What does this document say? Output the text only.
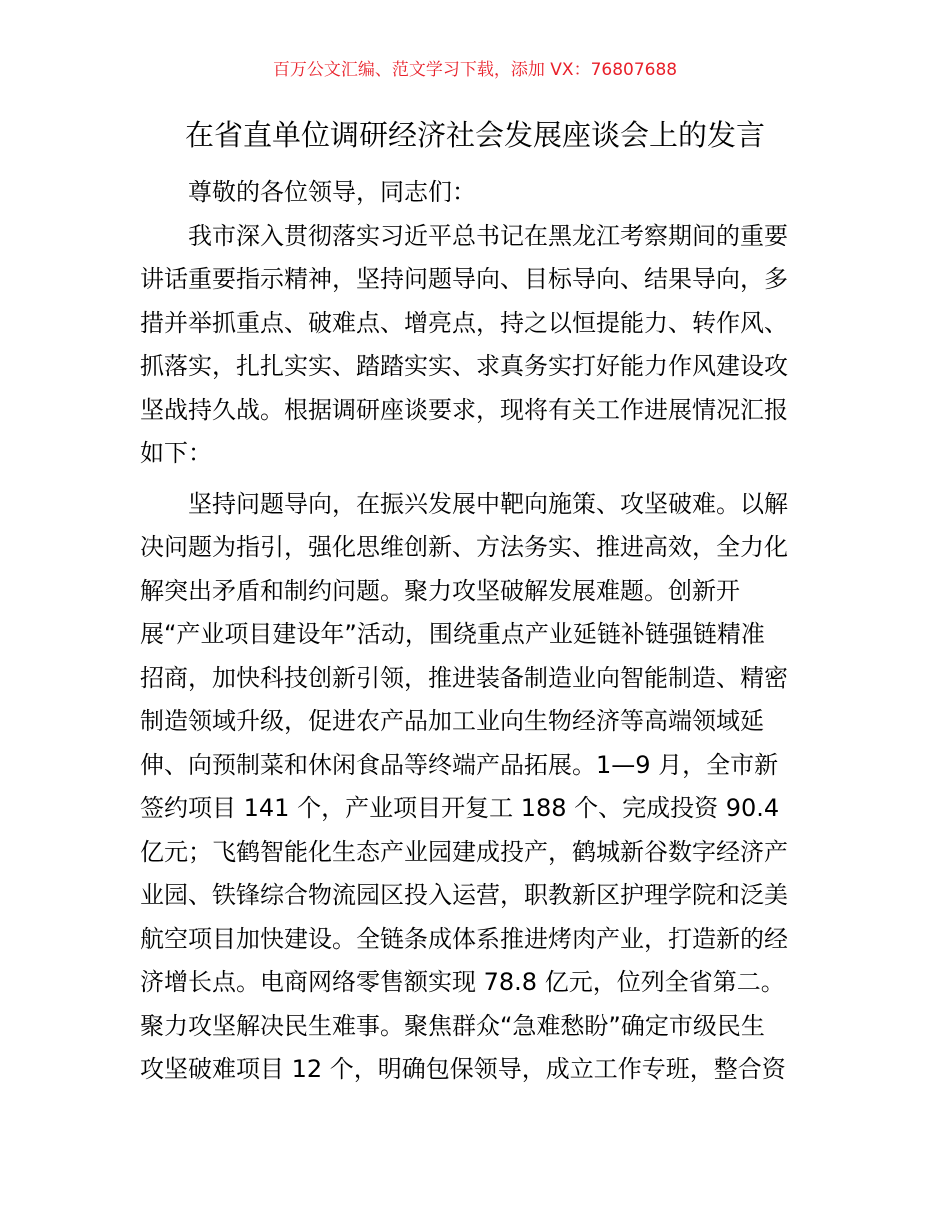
百万公文汇编、范文学习下载，添加 VX：76807688
在省直单位调研经济社会发展座谈会上的发言
尊敬的各位领导，同志们：
我市深入贯彻落实习近平总书记在黑龙江考察期间的重要
讲话重要指示精神，坚持问题导向、目标导向、结果导向，多
措并举抓重点、破难点、增亮点，持之以恒提能力、转作风、
抓落实，扎扎实实、踏踏实实、求真务实打好能力作风建设攻
坚战持久战。根据调研座谈要求，现将有关工作进展情况汇报
如下：
坚持问题导向，在振兴发展中靶向施策、攻坚破难。以解
决问题为指引，强化思维创新、方法务实、推进高效，全力化
解突出矛盾和制约问题。聚力攻坚破解发展难题。创新开
展“产业项目建设年”活动，围绕重点产业延链补链强链精准
招商，加快科技创新引领，推进装备制造业向智能制造、精密
制造领域升级，促进农产品加工业向生物经济等高端领域延
伸、向预制菜和休闲食品等终端产品拓展。1—9 月，全市新
签约项目 141 个，产业项目开复工 188 个、完成投资 90.4
亿元；飞鹤智能化生态产业园建成投产，鹤城新谷数字经济产
业园、铁锋综合物流园区投入运营，职教新区护理学院和泛美
航空项目加快建设。全链条成体系推进烤肉产业，打造新的经
济增长点。电商网络零售额实现 78.8 亿元，位列全省第二。
聚力攻坚解决民生难事。聚焦群众“急难愁盼”确定市级民生
攻坚破难项目 12 个，明确包保领导，成立工作专班，整合资
